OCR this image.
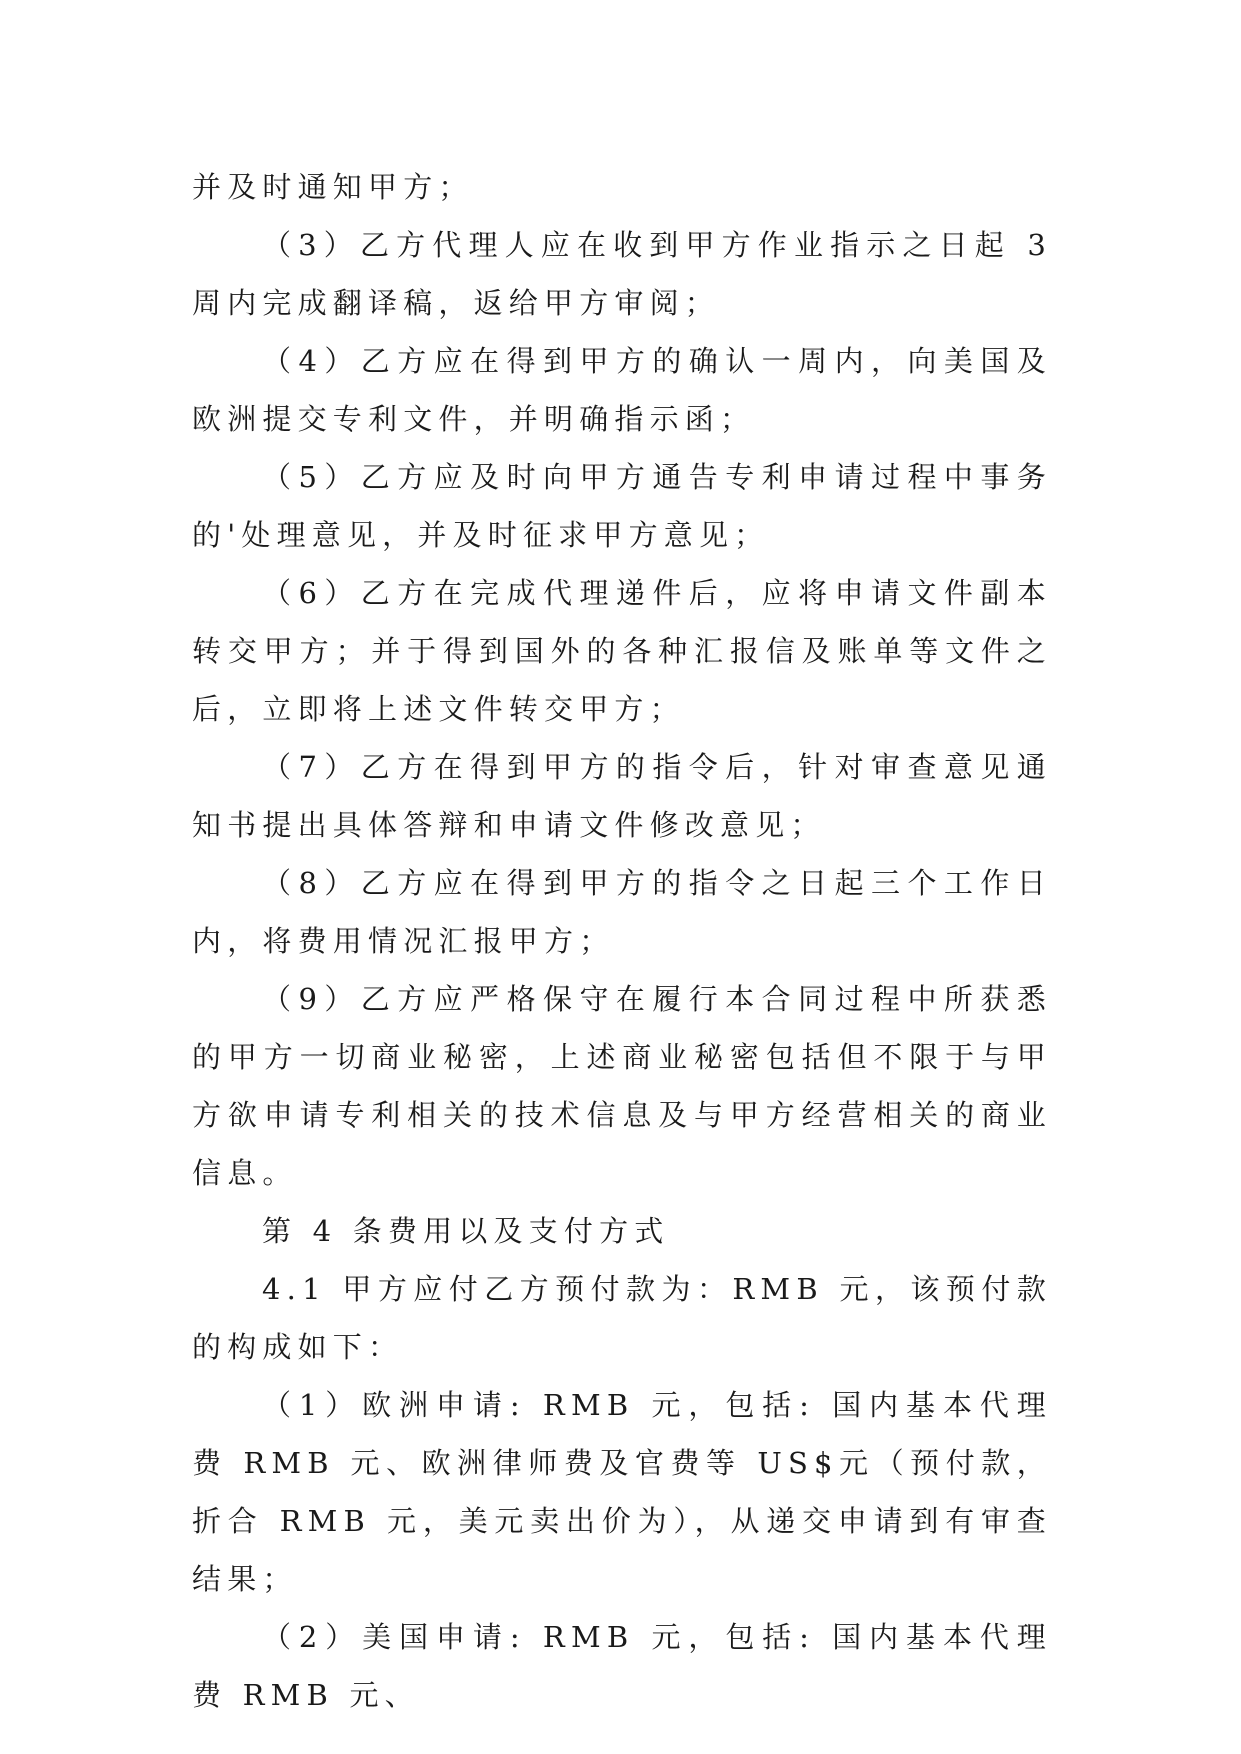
并及时通知甲方；

（3）乙方代理人应在收到甲方作业指示之日起 3 周内完成翻译稿，返给甲方审阅；

（4）乙方应在得到甲方的确认一周内，向美国及欧洲提交专利文件，并明确指示函；

（5）乙方应及时向甲方通告专利申请过程中事务的'处理意见，并及时征求甲方意见；

（6）乙方在完成代理递件后，应将申请文件副本转交甲方；并于得到国外的各种汇报信及账单等文件之后，立即将上述文件转交甲方；

（7）乙方在得到甲方的指令后，针对审查意见通知书提出具体答辩和申请文件修改意见；

（8）乙方应在得到甲方的指令之日起三个工作日内，将费用情况汇报甲方；

（9）乙方应严格保守在履行本合同过程中所获悉的甲方一切商业秘密，上述商业秘密包括但不限于与甲方欲申请专利相关的技术信息及与甲方经营相关的商业信息。

第 4 条费用以及支付方式

4.1 甲方应付乙方预付款为：RMB 元，该预付款的构成如下：

（1）欧洲申请: RMB 元，包括: 国内基本代理费 RMB 元、欧洲律师费及官费等 US$元（预付款，折合 RMB 元，美元卖出价为），从递交申请到有审查结果；

（2）美国申请: RMB 元，包括: 国内基本代理费 RMB 元、
